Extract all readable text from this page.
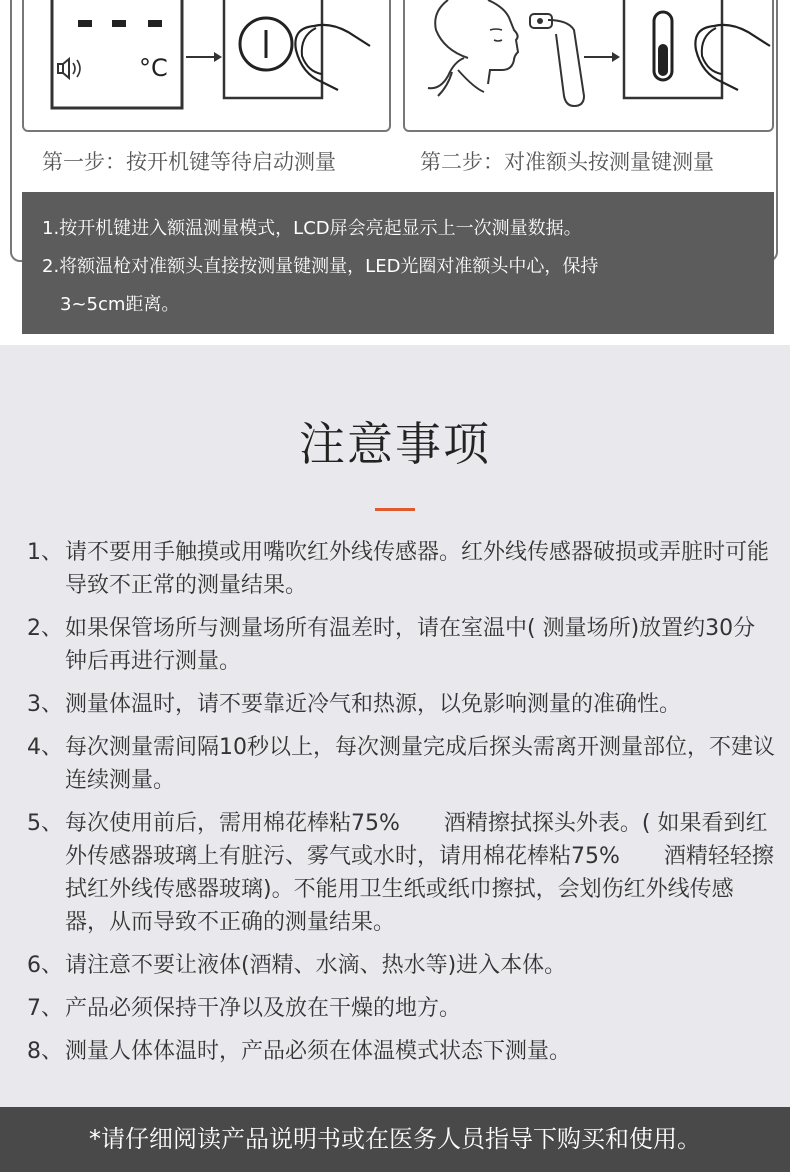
°C
第一步：按开机键等待启动测量	第二步：对准额头按测量键测量
1.按开机键进入额温测量模式，LCD屏会亮起显示上一次测量数据。
2.将额温枪对准额头直接按测量键测量，LED光圈对准额头中心，保持
3~5cm距离。
注意事项
1、 请不要用手触摸或用嘴吹红外线传感器。红外线传感器破损或弄脏时可能导致不正常的测量结果。
2、 如果保管场所与测量场所有温差时，请在室温中( 测量场所)放置约30分钟后再进行测量。
3、 测量体温时，请不要靠近冷气和热源，以免影响测量的准确性。
4、 每次测量需间隔10秒以上，每次测量完成后探头需离开测量部位，不建议连续测量。
5、 每次使用前后，需用棉花棒粘75%　　酒精擦拭探头外表。( 如果看到红外传感器玻璃上有脏污、雾气或水时，请用棉花棒粘75%　　酒精轻轻擦拭红外线传感器玻璃)。不能用卫生纸或纸巾擦拭，会划伤红外线传感器，从而导致不正确的测量结果。
6、 请注意不要让液体(酒精、水滴、热水等)进入本体。
7、 产品必须保持干净以及放在干燥的地方。
8、 测量人体体温时，产品必须在体温模式状态下测量。
*请仔细阅读产品说明书或在医务人员指导下购买和使用。
